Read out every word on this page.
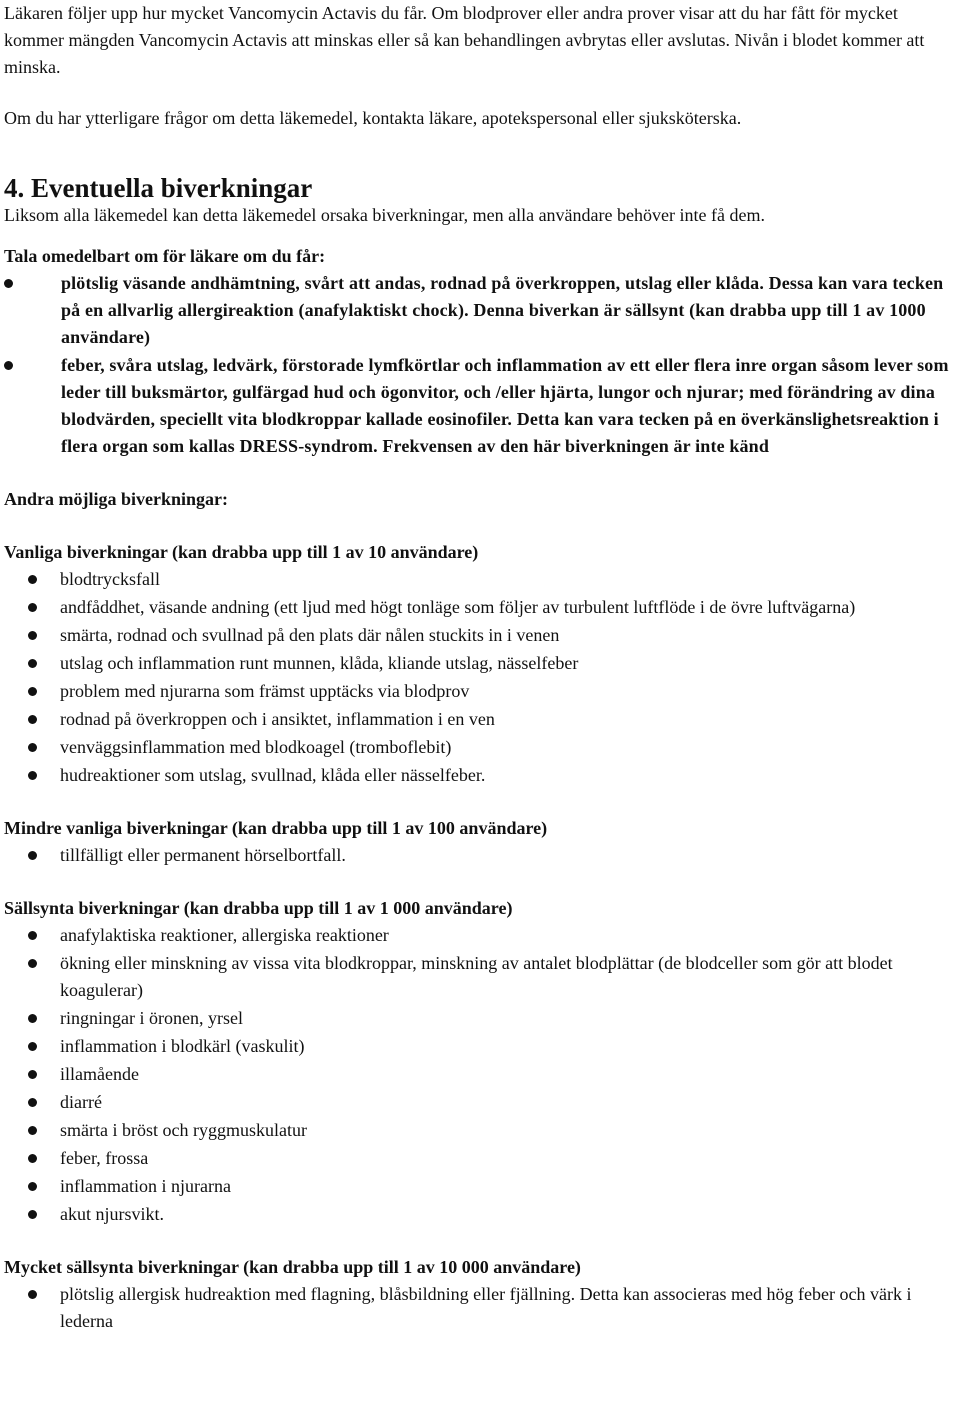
Läkaren följer upp hur mycket Vancomycin Actavis du får. Om blodprover eller andra prover visar att du har fått för mycket kommer mängden Vancomycin Actavis att minskas eller så kan behandlingen avbrytas eller avslutas. Nivån i blodet kommer att minska.

Om du har ytterligare frågor om detta läkemedel, kontakta läkare, apotekspersonal eller sjuksköterska.

4. Eventuella biverkningar

Liksom alla läkemedel kan detta läkemedel orsaka biverkningar, men alla användare behöver inte få dem.

Tala omedelbart om för läkare om du får:

plötslig väsande andhämtning, svårt att andas, rodnad på överkroppen, utslag eller klåda. Dessa kan vara tecken på en allvarlig allergireaktion (anafylaktiskt chock). Denna biverkan är sällsynt (kan drabba upp till 1 av 1000 användare)
feber, svåra utslag, ledvärk, förstorade lymfkörtlar och inflammation av ett eller flera inre organ såsom lever som leder till buksmärtor, gulfärgad hud och ögonvitor, och /eller hjärta, lungor och njurar; med förändring av dina blodvärden, speciellt vita blodkroppar kallade eosinofiler. Detta kan vara tecken på en överkänslighetsreaktion i flera organ som kallas DRESS-syndrom. Frekvensen av den här biverkningen är inte känd

Andra möjliga biverkningar:

Vanliga biverkningar (kan drabba upp till 1 av 10 användare)

blodtrycksfall
andfåddhet, väsande andning (ett ljud med högt tonläge som följer av turbulent luftflöde i de övre luftvägarna)
smärta, rodnad och svullnad på den plats där nålen stuckits in i venen
utslag och inflammation runt munnen, klåda, kliande utslag, nässelfeber
problem med njurarna som främst upptäcks via blodprov
rodnad på överkroppen och i ansiktet, inflammation i en ven
venväggsinflammation med blodkoagel (tromboflebit)
hudreaktioner som utslag, svullnad, klåda eller nässelfeber.

Mindre vanliga biverkningar (kan drabba upp till 1 av 100 användare)

tillfälligt eller permanent hörselbortfall.

Sällsynta biverkningar (kan drabba upp till 1 av 1 000 användare)

anafylaktiska reaktioner, allergiska reaktioner
ökning eller minskning av vissa vita blodkroppar, minskning av antalet blodplättar (de blodceller som gör att blodet koagulerar)
ringningar i öronen, yrsel
inflammation i blodkärl (vaskulit)
illamående
diarré
smärta i bröst och ryggmuskulatur
feber, frossa
inflammation i njurarna
akut njursvikt.

Mycket sällsynta biverkningar (kan drabba upp till 1 av 10 000 användare)

plötslig allergisk hudreaktion med flagning, blåsbildning eller fjällning. Detta kan associeras med hög feber och värk i lederna
